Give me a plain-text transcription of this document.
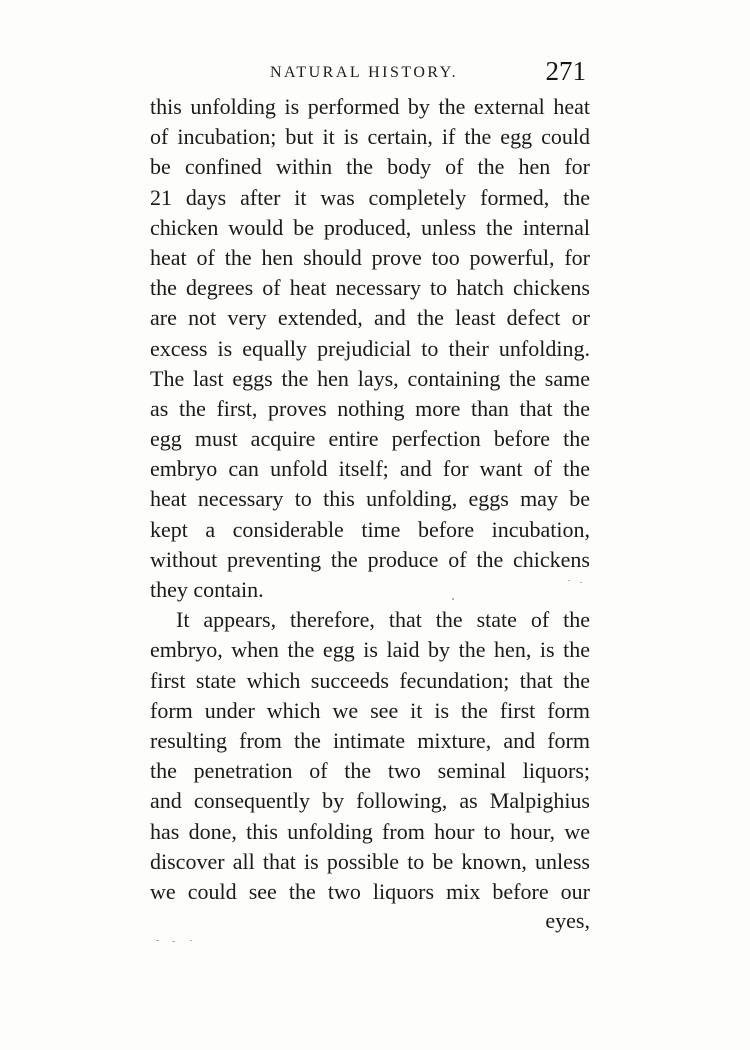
NATURAL HISTORY.	271
this unfolding is performed by the external heat
of incubation; but it is certain, if the egg could
be confined within the body of the hen for
21 days after it was completely formed, the
chicken would be produced, unless the internal
heat of the hen should prove too powerful, for
the degrees of heat necessary to hatch chickens
are not very extended, and the least defect or
excess is equally prejudicial to their unfolding.
The last eggs the hen lays, containing the same
as the first, proves nothing more than that the
egg must acquire entire perfection before the
embryo can unfold itself; and for want of the
heat necessary to this unfolding, eggs may be
kept a considerable time before incubation,
without preventing the produce of the chickens
they contain.
It appears, therefore, that the state of the
embryo, when the egg is laid by the hen, is the
first state which succeeds fecundation; that the
form under which we see it is the first form
resulting from the intimate mixture, and form
the penetration of the two seminal liquors;
and consequently by following, as Malpighius
has done, this unfolding from hour to hour, we
discover all that is possible to be known, unless
we could see the two liquors mix before our
eyes,
